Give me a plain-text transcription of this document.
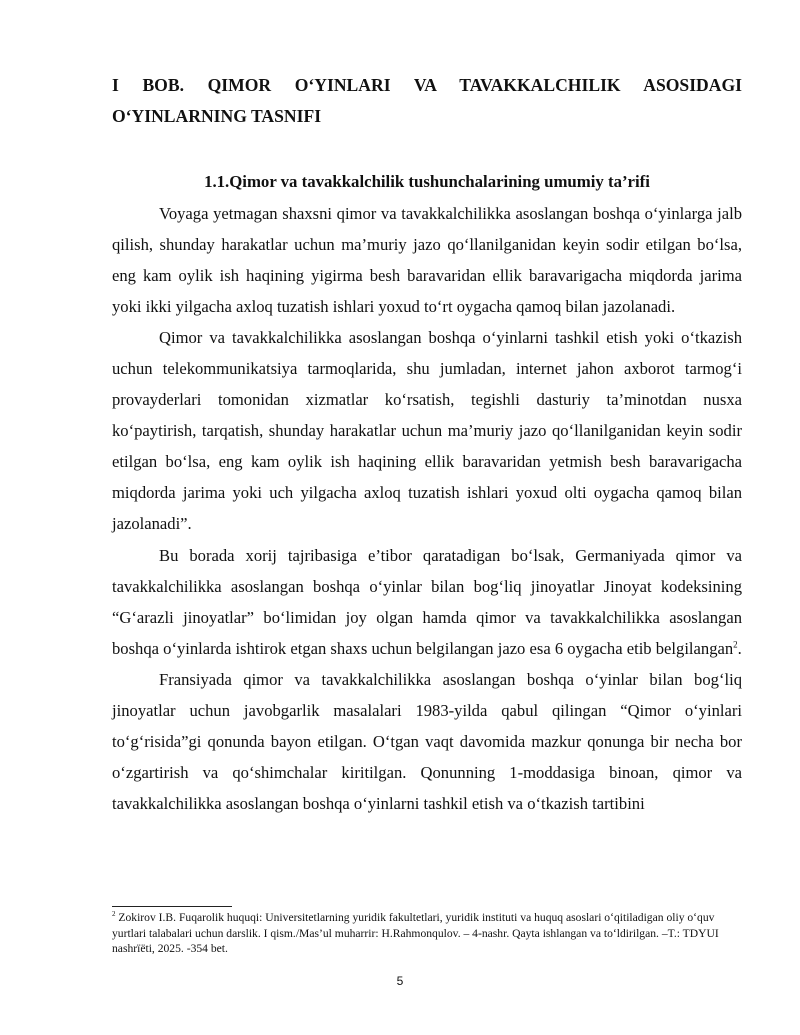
I BOB. QIMOR O‘YINLARI VA TAVAKKALCHILIK ASOSIDAGI
O‘YINLARNING TASNIFI
1.1.Qimor va tavakkalchilik tushunchalarining umumiy ta’rifi

Voyaga yetmagan shaxsni qimor va tavakkalchilikka asoslangan boshqa o‘yinlarga jalb qilish, shunday harakatlar uchun ma’muriy jazo qo‘llanilganidan keyin sodir etilgan bo‘lsa, eng kam oylik ish haqining yigirma besh baravaridan ellik baravarigacha miqdorda jarima yoki ikki yilgacha axloq tuzatish ishlari yoxud to‘rt oygacha qamoq bilan jazolanadi.

Qimor va tavakkalchilikka asoslangan boshqa o‘yinlarni tashkil etish yoki o‘tkazish uchun telekommunikatsiya tarmoqlarida, shu jumladan, internet jahon axborot tarmog‘i provayderlari tomonidan xizmatlar ko‘rsatish, tegishli dasturiy ta’minotdan nusxa ko‘paytirish, tarqatish, shunday harakatlar uchun ma’muriy jazo qo‘llanilganidan keyin sodir etilgan bo‘lsa, eng kam oylik ish haqining ellik baravaridan yetmish besh baravarigacha miqdorda jarima yoki uch yilgacha axloq tuzatish ishlari yoxud olti oygacha qamoq bilan jazolanadi”.

Bu borada xorij tajribasiga e’tibor qaratadigan bo‘lsak, Germaniyada qimor va tavakkalchilikka asoslangan boshqa o‘yinlar bilan bog‘liq jinoyatlar Jinoyat kodeksining “G‘arazli jinoyatlar” bo‘limidan joy olgan hamda qimor va tavakkalchilikka asoslangan boshqa o‘yinlarda ishtirok etgan shaxs uchun belgilangan jazo esa 6 oygacha etib belgilangan$^2$.

Fransiyada qimor va tavakkalchilikka asoslangan boshqa o‘yinlar bilan bog‘liq jinoyatlar uchun javobgarlik masalalari 1983-yilda qabul qilingan “Qimor o‘yinlari to‘g‘risida”gi qonunda bayon etilgan. O‘tgan vaqt davomida mazkur qonunga bir necha bor o‘zgartirish va qo‘shimchalar kiritilgan. Qonunning 1-moddasiga binoan, qimor va tavakkalchilikka asoslangan boshqa o‘yinlarni tashkil etish va o‘tkazish tartibini

$^2$ Zokirov I.B. Fuqarolik huquqi: Universitetlarning yuridik fakultetlari, yuridik instituti va huquq asoslari o‘qitiladigan oliy o‘quv yurtlari talabalari uchun darslik. I qism./Mas’ul muharrir: H.Rahmonqulov. – 4-nashr. Qayta ishlangan va to‘ldirilgan. –T.: TDYUI nashrїёti, 2025. -354 bet.

5
